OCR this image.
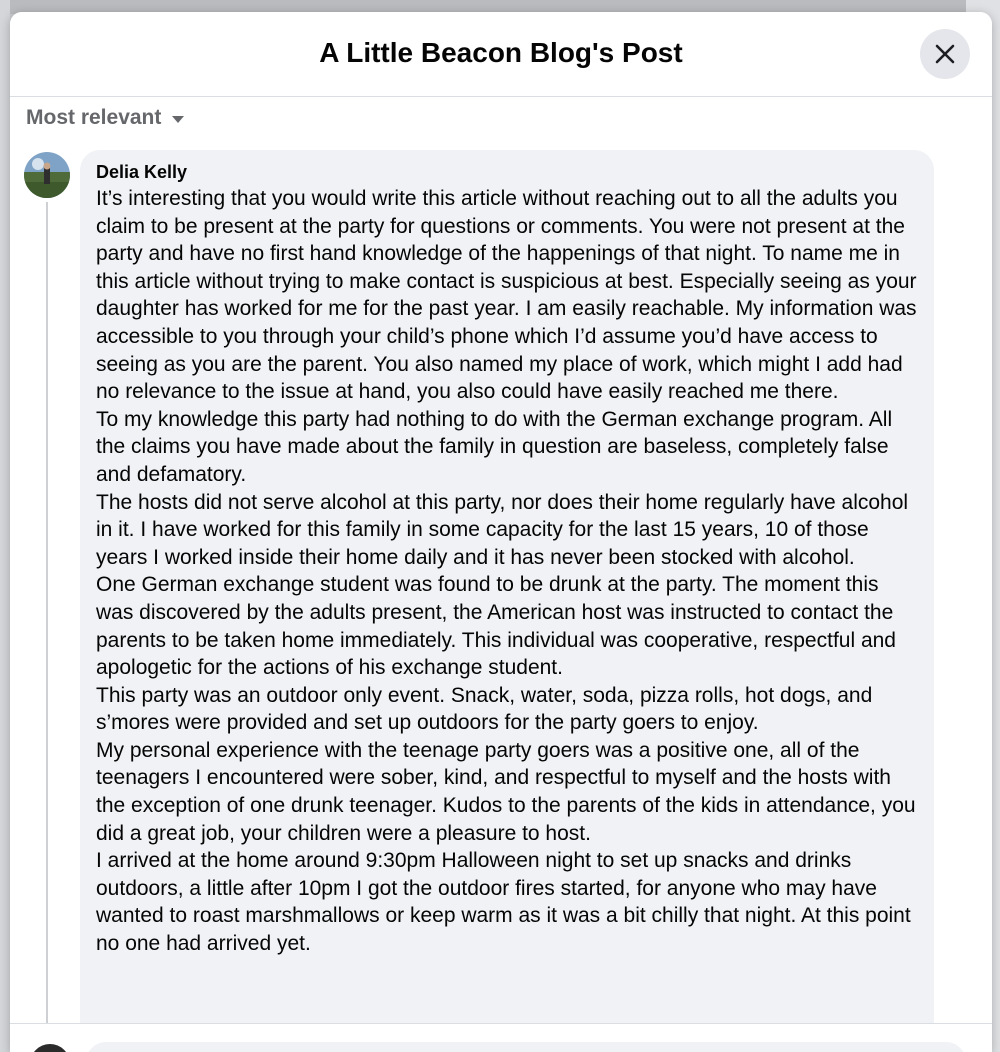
A Little Beacon Blog's Post
Most relevant
Delia Kelly

It’s interesting that you would write this article without reaching out to all the adults you claim to be present at the party for questions or comments. You were not present at the party and have no first hand knowledge of the happenings of that night. To name me in this article without trying to make contact is suspicious at best. Especially seeing as your daughter has worked for me for the past year. I am easily reachable. My information was accessible to you through your child’s phone which I’d assume you’d have access to seeing as you are the parent. You also named my place of work, which might I add had no relevance to the issue at hand, you also could have easily reached me there.
To my knowledge this party had nothing to do with the German exchange program. All the claims you have made about the family in question are baseless, completely false and defamatory.
The hosts did not serve alcohol at this party, nor does their home regularly have alcohol in it. I have worked for this family in some capacity for the last 15 years, 10 of those years I worked inside their home daily and it has never been stocked with alcohol.
One German exchange student was found to be drunk at the party. The moment this was discovered by the adults present, the American host was instructed to contact the parents to be taken home immediately. This individual was cooperative, respectful and apologetic for the actions of his exchange student.
This party was an outdoor only event. Snack, water, soda, pizza rolls, hot dogs, and s’mores were provided and set up outdoors for the party goers to enjoy.
My personal experience with the teenage party goers was a positive one, all of the teenagers I encountered were sober, kind, and respectful to myself and the hosts with the exception of one drunk teenager. Kudos to the parents of the kids in attendance, you did a great job, your children were a pleasure to host.
I arrived at the home around 9:30pm Halloween night to set up snacks and drinks outdoors, a little after 10pm I got the outdoor fires started, for anyone who may have wanted to roast marshmallows or keep warm as it was a bit chilly that night. At this point no one had arrived yet.
